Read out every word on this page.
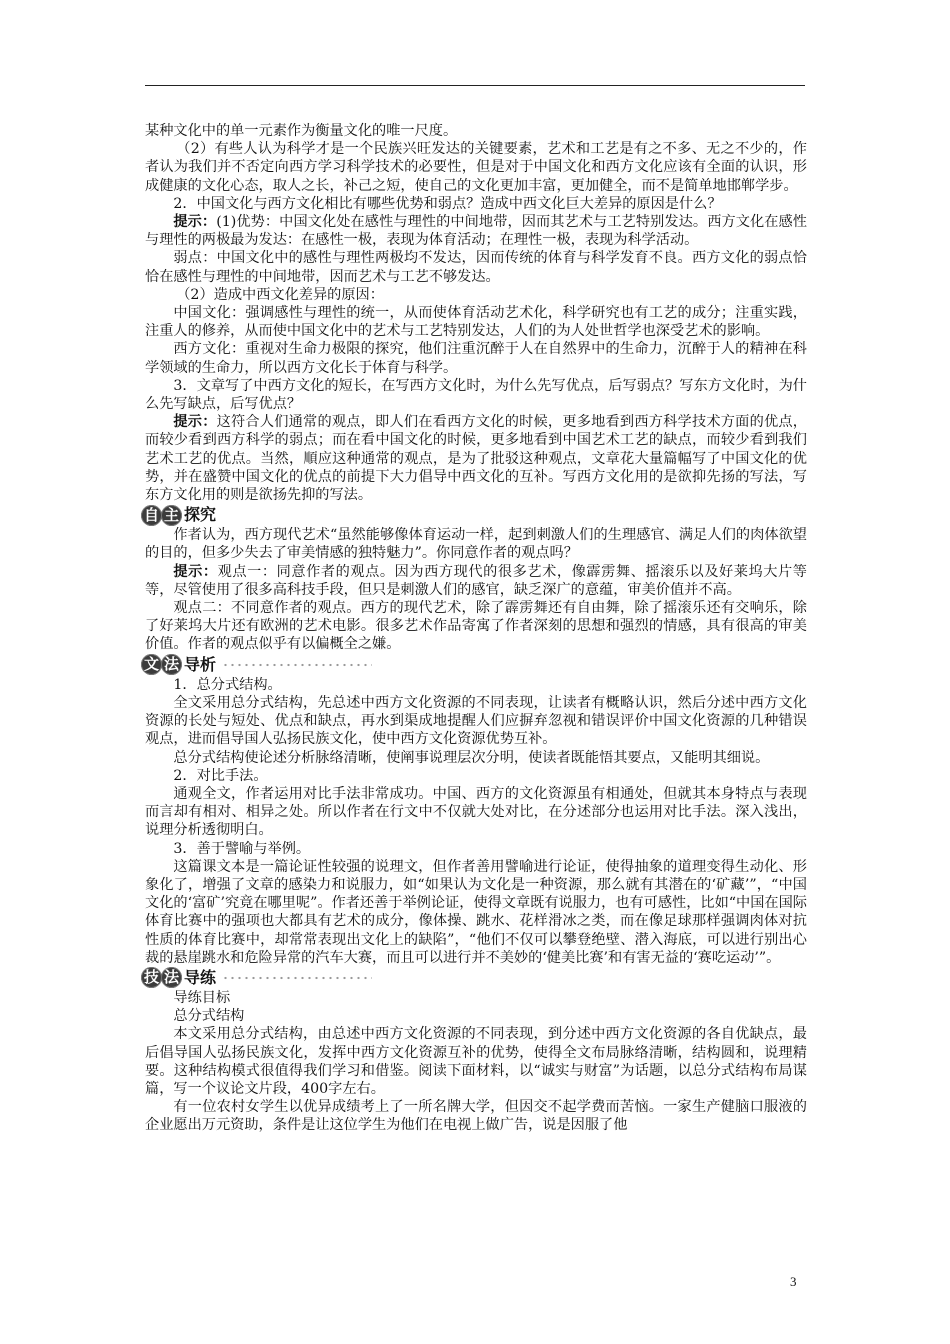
某种文化中的单一元素作为衡量文化的唯一尺度。

（2）有些人认为科学才是一个民族兴旺发达的关键要素，艺术和工艺是有之不多、无之不少的，作者认为我们并不否定向西方学习科学技术的必要性，但是对于中国文化和西方文化应该有全面的认识，形成健康的文化心态，取人之长，补己之短，使自己的文化更加丰富，更加健全，而不是简单地邯郸学步。

2．中国文化与西方文化相比有哪些优势和弱点？造成中西文化巨大差异的原因是什么？

提示：(1)优势：中国文化处在感性与理性的中间地带，因而其艺术与工艺特别发达。西方文化在感性与理性的两极最为发达：在感性一极，表现为体育活动；在理性一极，表现为科学活动。

弱点：中国文化中的感性与理性两极均不发达，因而传统的体育与科学发育不良。西方文化的弱点恰恰在感性与理性的中间地带，因而艺术与工艺不够发达。

（2）造成中西文化差异的原因：

中国文化：强调感性与理性的统一，从而使体育活动艺术化，科学研究也有工艺的成分；注重实践，注重人的修养，从而使中国文化中的艺术与工艺特别发达，人们的为人处世哲学也深受艺术的影响。

西方文化：重视对生命力极限的探究，他们注重沉醉于人在自然界中的生命力，沉醉于人的精神在科学领域的生命力，所以西方文化长于体育与科学。

3．文章写了中西方文化的短长，在写西方文化时，为什么先写优点，后写弱点？写东方文化时，为什么先写缺点，后写优点？

提示：这符合人们通常的观点，即人们在看西方文化的时候，更多地看到西方科学技术方面的优点，而较少看到西方科学的弱点；而在看中国文化的时候，更多地看到中国艺术工艺的缺点，而较少看到我们艺术工艺的优点。当然，順应这种通常的观点，是为了批驳这种观点，文章花大量篇幅写了中国文化的优势，并在盛赞中国文化的优点的前提下大力倡导中西文化的互补。写西方文化用的是欲抑先扬的写法，写东方文化用的则是欲扬先抑的写法。

自 主 探究

作者认为，西方现代艺术“虽然能够像体育运动一样，起到刺激人们的生理感官、满足人们的肉体欲望的目的，但多少失去了审美情感的独特魅力”。你同意作者的观点吗？

提示：观点一：同意作者的观点。因为西方现代的很多艺术，像霹雳舞、摇滚乐以及好莱坞大片等等，尽管使用了很多高科技手段，但只是刺激人们的感官，缺乏深广的意蕴，审美价值并不高。

观点二：不同意作者的观点。西方的现代艺术，除了霹雳舞还有自由舞，除了摇滚乐还有交响乐，除了好莱坞大片还有欧洲的艺术电影。很多艺术作品寄寓了作者深刻的思想和强烈的情感，具有很高的审美价值。作者的观点似乎有以偏概全之嫌。

文 法 导析

1．总分式结构。

全文采用总分式结构，先总述中西方文化资源的不同表现，让读者有概略认识，然后分述中西方文化资源的长处与短处、优点和缺点，再水到渠成地提醒人们应摒弃忽视和错误评价中国文化资源的几种错误观点，进而倡导国人弘扬民族文化，使中西方文化资源优势互补。

总分式结构使论述分析脉络清晰，使阐事说理层次分明，使读者既能悟其要点，又能明其细说。

2．对比手法。

通观全文，作者运用对比手法非常成功。中国、西方的文化资源虽有相通处，但就其本身特点与表现而言却有相对、相异之处。所以作者在行文中不仅就大处对比，在分述部分也运用对比手法。深入浅出，说理分析透彻明白。

3．善于譬喻与举例。

这篇课文本是一篇论证性较强的说理文，但作者善用譬喻进行论证，使得抽象的道理变得生动化、形象化了，增强了文章的感染力和说服力，如“如果认为文化是一种资源，那么就有其潜在的‘矿藏’”，“中国文化的‘富矿’究竟在哪里呢”。作者还善于举例论证，使得文章既有说服力，也有可感性，比如“中国在国际体育比赛中的强项也大都具有艺术的成分，像体操、跳水、花样滑冰之类，而在像足球那样强调肉体对抗性质的体育比赛中，却常常表现出文化上的缺陷”，“他们不仅可以攀登绝壁、潜入海底，可以进行别出心裁的悬崖跳水和危险异常的汽车大赛，而且可以进行并不美妙的‘健美比赛’和有害无益的‘赛吃运动’”。

技 法 导练

导练目标

总分式结构

本文采用总分式结构，由总述中西方文化资源的不同表现，到分述中西方文化资源的各自优缺点，最后倡导国人弘扬民族文化，发挥中西方文化资源互补的优势，使得全文布局脉络清晰，结构圆和，说理精要。这种结构模式很值得我们学习和借鉴。阅读下面材料，以“诚实与财富”为话题，以总分式结构布局谋篇，写一个议论文片段，400字左右。

有一位农村女学生以优异成绩考上了一所名牌大学，但因交不起学费而苦恼。一家生产健脑口服液的企业愿出万元资助，条件是让这位学生为他们在电视上做广告，说是因服了他

3
